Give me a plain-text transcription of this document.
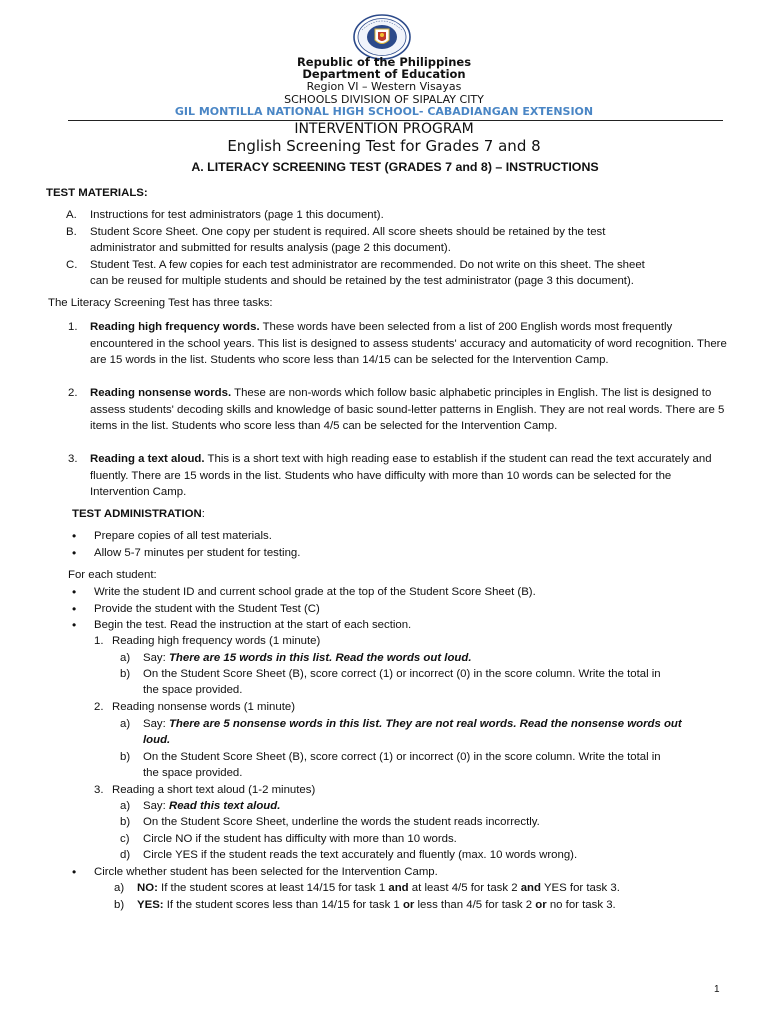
Republic of the Philippines
Department of Education
Region VI – Western Visayas
SCHOOLS DIVISION OF SIPALAY CITY
GIL MONTILLA NATIONAL HIGH SCHOOL- CABADIANGAN EXTENSION
INTERVENTION PROGRAM
English Screening Test for Grades 7 and 8
A. LITERACY SCREENING TEST (GRADES 7 and 8) – INSTRUCTIONS
TEST MATERIALS:
A. Instructions for test administrators (page 1 this document).
B. Student Score Sheet. One copy per student is required. All score sheets should be retained by the test
administrator and submitted for results analysis (page 2 this document).
C. Student Test. A few copies for each test administrator are recommended. Do not write on this sheet. The sheet
can be reused for multiple students and should be retained by the test administrator (page 3 this document).
The Literacy Screening Test has three tasks:
1. Reading high frequency words. These words have been selected from a list of 200 English words most frequently encountered in the school years. This list is designed to assess students' accuracy and automaticity of word recognition. There are 15 words in the list. Students who score less than 14/15 can be selected for the Intervention Camp.
2. Reading nonsense words. These are non-words which follow basic alphabetic principles in English. The list is designed to assess students' decoding skills and knowledge of basic sound-letter patterns in English. They are not real words. There are 5 items in the list. Students who score less than 4/5 can be selected for the Intervention Camp.
3. Reading a text aloud. This is a short text with high reading ease to establish if the student can read the text accurately and fluently. There are 15 words in the list. Students who have difficulty with more than 10 words can be selected for the Intervention Camp.
TEST ADMINISTRATION:
• Prepare copies of all test materials.
• Allow 5-7 minutes per student for testing.
For each student:
• Write the student ID and current school grade at the top of the Student Score Sheet (B).
• Provide the student with the Student Test (C)
• Begin the test. Read the instruction at the start of each section.
1. Reading high frequency words (1 minute)
a) Say: There are 15 words in this list. Read the words out loud.
b) On the Student Score Sheet (B), score correct (1) or incorrect (0) in the score column. Write the total in
the space provided.
2. Reading nonsense words (1 minute)
a) Say: There are 5 nonsense words in this list. They are not real words. Read the nonsense words out
loud.
b) On the Student Score Sheet (B), score correct (1) or incorrect (0) in the score column. Write the total in
the space provided.
3. Reading a short text aloud (1-2 minutes)
a) Say: Read this text aloud.
b) On the Student Score Sheet, underline the words the student reads incorrectly.
c) Circle NO if the student has difficulty with more than 10 words.
d) Circle YES if the student reads the text accurately and fluently (max. 10 words wrong).
• Circle whether student has been selected for the Intervention Camp.
a) NO: If the student scores at least 14/15 for task 1 and at least 4/5 for task 2 and YES for task 3.
b) YES: If the student scores less than 14/15 for task 1 or less than 4/5 for task 2 or no for task 3.
1
